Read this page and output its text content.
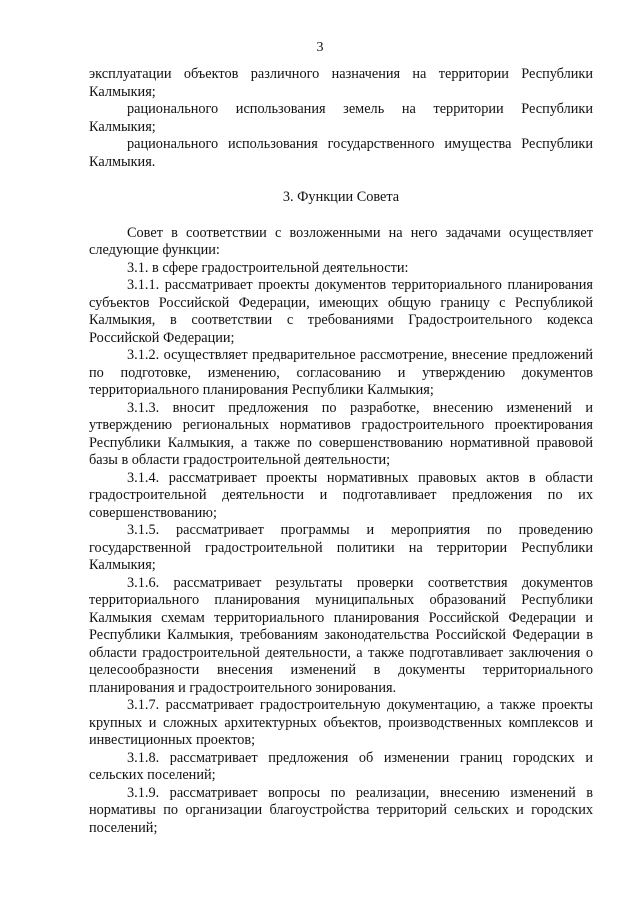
3

эксплуатации объектов различного назначения на территории Республики Калмыкия;

рационального использования земель на территории Республики Калмыкия;

рационального использования государственного имущества Республики Калмыкия.

3. Функции Совета

Совет в соответствии с возложенными на него задачами осуществляет следующие функции:

3.1. в сфере градостроительной деятельности:

3.1.1. рассматривает проекты документов территориального планирования субъектов Российской Федерации, имеющих общую границу с Республикой Калмыкия, в соответствии с требованиями Градостроительного кодекса Российской Федерации;

3.1.2. осуществляет предварительное рассмотрение, внесение предложений по подготовке, изменению, согласованию и утверждению документов территориального планирования Республики Калмыкия;

3.1.3. вносит предложения по разработке, внесению изменений и утверждению региональных нормативов градостроительного проектирования Республики Калмыкия, а также по совершенствованию нормативной правовой базы в области градостроительной деятельности;

3.1.4. рассматривает проекты нормативных правовых актов в области градостроительной деятельности и подготавливает предложения по их совершенствованию;

3.1.5. рассматривает программы и мероприятия по проведению государственной градостроительной политики на территории Республики Калмыкия;

3.1.6. рассматривает результаты проверки соответствия документов территориального планирования муниципальных образований Республики Калмыкия схемам территориального планирования Российской Федерации и Республики Калмыкия, требованиям законодательства Российской Федерации в области градостроительной деятельности, а также подготавливает заключения о целесообразности внесения изменений в документы территориального планирования и градостроительного зонирования.

3.1.7. рассматривает градостроительную документацию, а также проекты крупных и сложных архитектурных объектов, производственных комплексов и инвестиционных проектов;

3.1.8. рассматривает предложения об изменении границ городских и сельских поселений;

3.1.9. рассматривает вопросы по реализации, внесению изменений в нормативы по организации благоустройства территорий сельских и городских поселений;
